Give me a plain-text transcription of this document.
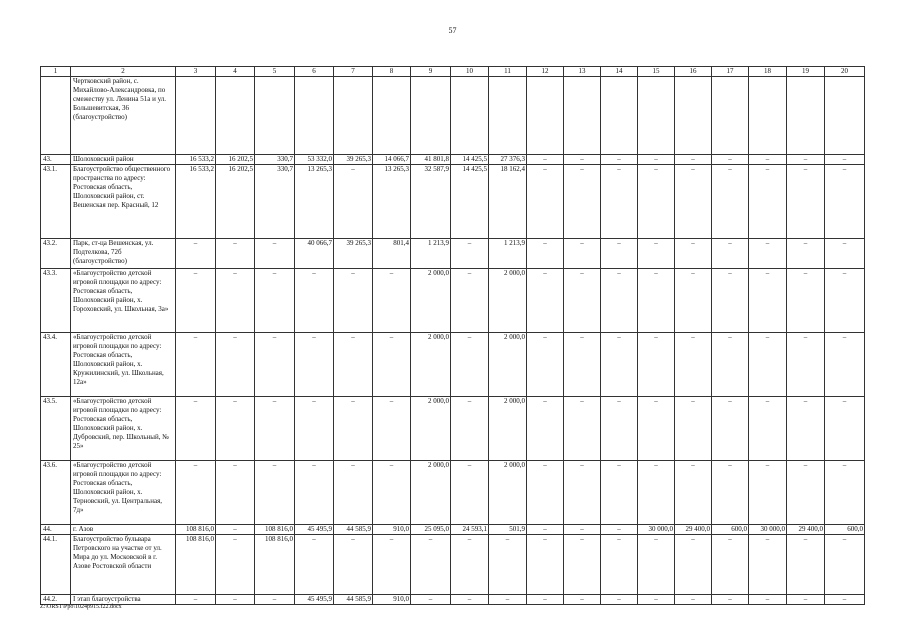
57
1	2	3	4	5	6	7	8	9	10	11	12	13	14	15	16	17	18	19	20
	Чертковский район, с. Михайлово-Александровка, по смежеству ул. Ленина 51а и ул. Большевитская, 36 (благоустройство)																		
43.	Шолоховский район	16 533,2	16 202,5	330,7	53 332,0	39 265,3	14 066,7	41 801,8	14 425,5	27 376,3	–	–	–	–	–	–	–	–	–
43.1.	Благоустройство общественного пространства по адресу: Ростовская область, Шолоховский район, ст. Вешенская пер. Красный, 12	16 533,2	16 202,5	330,7	13 265,3	–	13 265,3	32 587,9	14 425,5	18 162,4	–	–	–	–	–	–	–	–	–
43.2.	Парк, ст-ца Вешенская, ул. Подтелкова, 72б (благоустройство)	–	–	–	40 066,7	39 265,3	801,4	1 213,9	–	1 213,9	–	–	–	–	–	–	–	–	–
43.3.	«Благоустройство детской игровой площадки по адресу: Ростовская область, Шолоховский район, х. Гороховский, ул. Школьная, 3а»	–	–	–	–	–	–	2 000,0	–	2 000,0	–	–	–	–	–	–	–	–	–
43.4.	«Благоустройство детской игровой площадки по адресу: Ростовская область, Шолоховский район, х. Кружилинский, ул. Школьная, 12а»	–	–	–	–	–	–	2 000,0	–	2 000,0	–	–	–	–	–	–	–	–	–
43.5.	«Благоустройство детской игровой площадки по адресу: Ростовская область, Шолоховский район, х. Дубровский, пер. Школьный, № 25»	–	–	–	–	–	–	2 000,0	–	2 000,0	–	–	–	–	–	–	–	–	–
43.6.	«Благоустройство детской игровой площадки по адресу: Ростовская область, Шолоховский район, х. Терновский, ул. Центральная, 7д»	–	–	–	–	–	–	2 000,0	–	2 000,0	–	–	–	–	–	–	–	–	–
44.	г. Азов	108 816,0	–	108 816,0	45 495,9	44 585,9	910,0	25 095,0	24 593,1	501,9	–	–	–	30 000,0	29 400,0	600,0	30 000,0	29 400,0	600,0
44.1.	Благоустройство бульвара Петровского на участке от ул. Мира до ул. Московской в г. Азове Ростовской области	108 816,0	–	108 816,0	–	–	–	–	–	–	–	–	–	–	–	–	–	–	–
44.2.	I этап благоустройства	–	–	–	45 495,9	44 585,9	910,0	–	–	–	–	–	–	–	–	–	–	–	–
Z:\ORST\Ppo\1024p915.f22.docx
